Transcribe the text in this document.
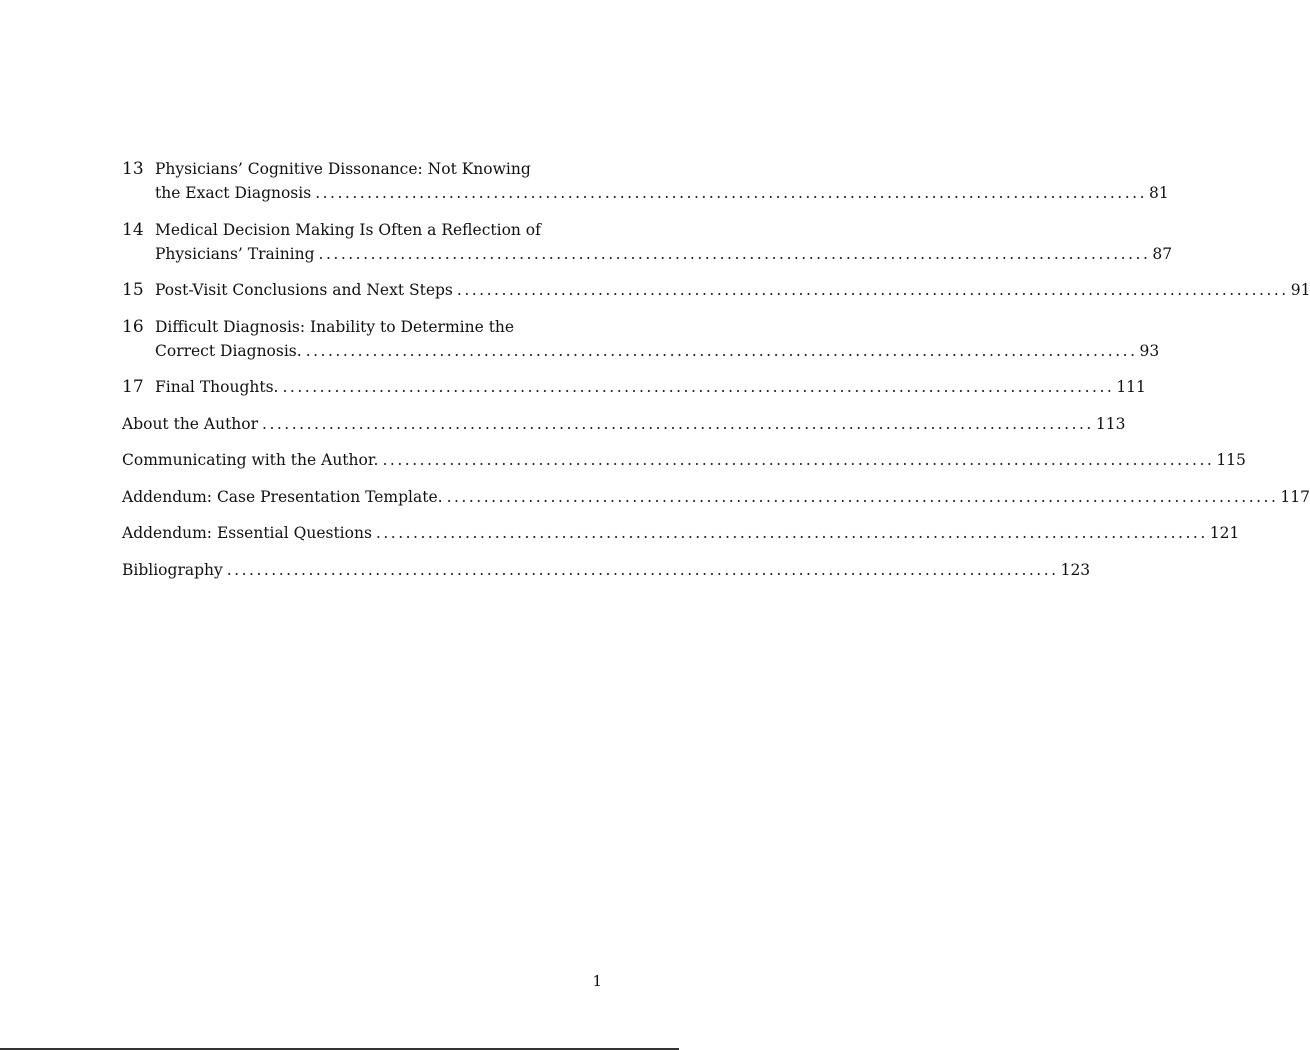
13 Physicians’ Cognitive Dissonance: Not Knowing
the Exact Diagnosis ................................................................................................................ 81
14 Medical Decision Making Is Often a Reflection of
Physicians’ Training ................................................................................................................ 87
15 Post-Visit Conclusions and Next Steps ................................................................................................................ 91
16 Difficult Diagnosis: Inability to Determine the
Correct Diagnosis. ................................................................................................................ 93
17 Final Thoughts. ................................................................................................................ 111
About the Author ................................................................................................................ 113
Communicating with the Author. ................................................................................................................ 115
Addendum: Case Presentation Template. ................................................................................................................ 117
Addendum: Essential Questions ................................................................................................................ 121
Bibliography ................................................................................................................ 123
1
